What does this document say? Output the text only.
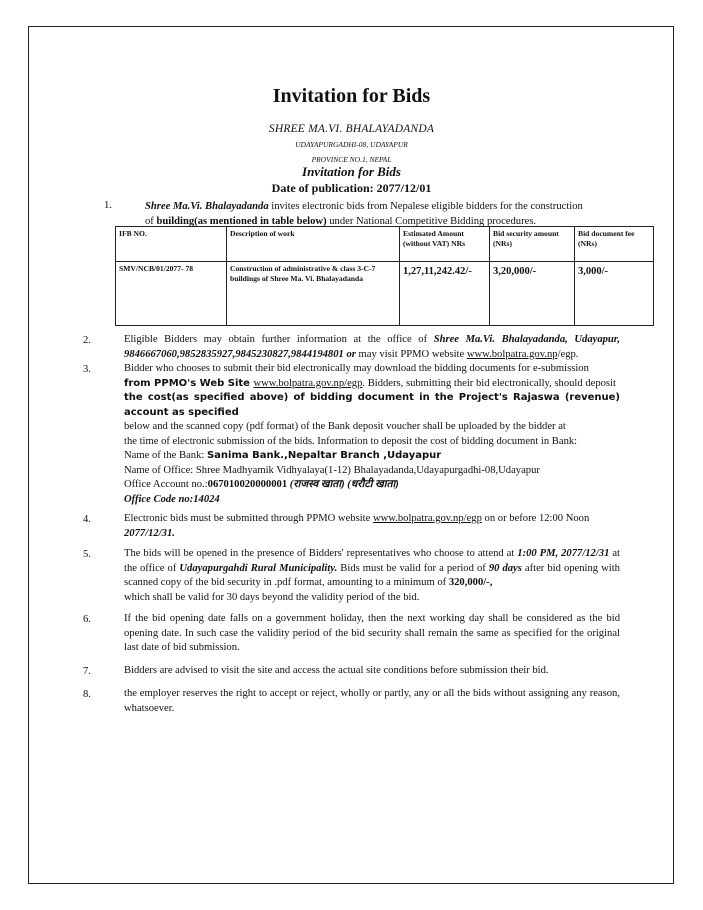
Invitation for Bids
SHREE MA.VI. BHALAYADANDA
UDAYAPURGADHI-08, UDAYAPUR
PROVINCE NO.1, NEPAL
Invitation for Bids
Date of publication: 2077/12/01
1.	Shree Ma.Vi. Bhalayadanda invites electronic bids from Nepalese eligible bidders for the construction
of building(as mentioned in table below) under National Competitive Bidding procedures.
IFB NO.	Description of work	Estimated Amount (without VAT) NRs	Bid security amount (NRs)	Bid document fee (NRs)
SMV/NCB/01/2077- 78	Construction of administrative & class 3-C-7 buildings of Shree Ma. Vi. Bhalayadanda	1,27,11,242.42/-	3,20,000/-	3,000/-
2.	Eligible Bidders may obtain further information at the office of Shree Ma.Vi. Bhalayadanda, Udayapur, 9846667060,9852835927,9845230827,9844194801 or may visit PPMO website www.bolpatra.gov.np/egp.
3.	Bidder who chooses to submit their bid electronically may download the bidding documents for e-submission
from PPMO's Web Site www.bolpatra.gov.np/egp. Bidders, submitting their bid electronically, should deposit
the cost(as specified above) of bidding document in the Project's Rajaswa (revenue) account as specified
below and the scanned copy (pdf format) of the Bank deposit voucher shall be uploaded by the bidder at
the time of electronic submission of the bids. Information to deposit the cost of bidding document in Bank:
Name of the Bank: Sanima Bank.,Nepaltar Branch ,Udayapur
Name of Office: Shree Madhyamik Vidhyalaya(1-12) Bhalayadanda,Udayapurgadhi-08,Udayapur
Office Account no.:067010020000001 (राजस्व खाता) (धरौटी खाता)
Office Code no:14024
4.	Electronic bids must be submitted through PPMO website www.bolpatra.gov.np/egp on or before 12:00 Noon
2077/12/31.
5.	The bids will be opened in the presence of Bidders' representatives who choose to attend at 1:00 PM, 2077/12/31 at the office of Udayapurgahdi Rural Municipality. Bids must be valid for a period of 90 days after bid opening with scanned copy of the bid security in .pdf format, amounting to a minimum of 320,000/-,
which shall be valid for 30 days beyond the validity period of the bid.
6.	If the bid opening date falls on a government holiday, then the next working day shall be considered as the bid opening date. In such case the validity period of the bid security shall remain the same as specified for the original last date of bid submission.
7.	Bidders are advised to visit the site and access the actual site conditions before submission their bid.
8.	the employer reserves the right to accept or reject, wholly or partly, any or all the bids without assigning any reason, whatsoever.
